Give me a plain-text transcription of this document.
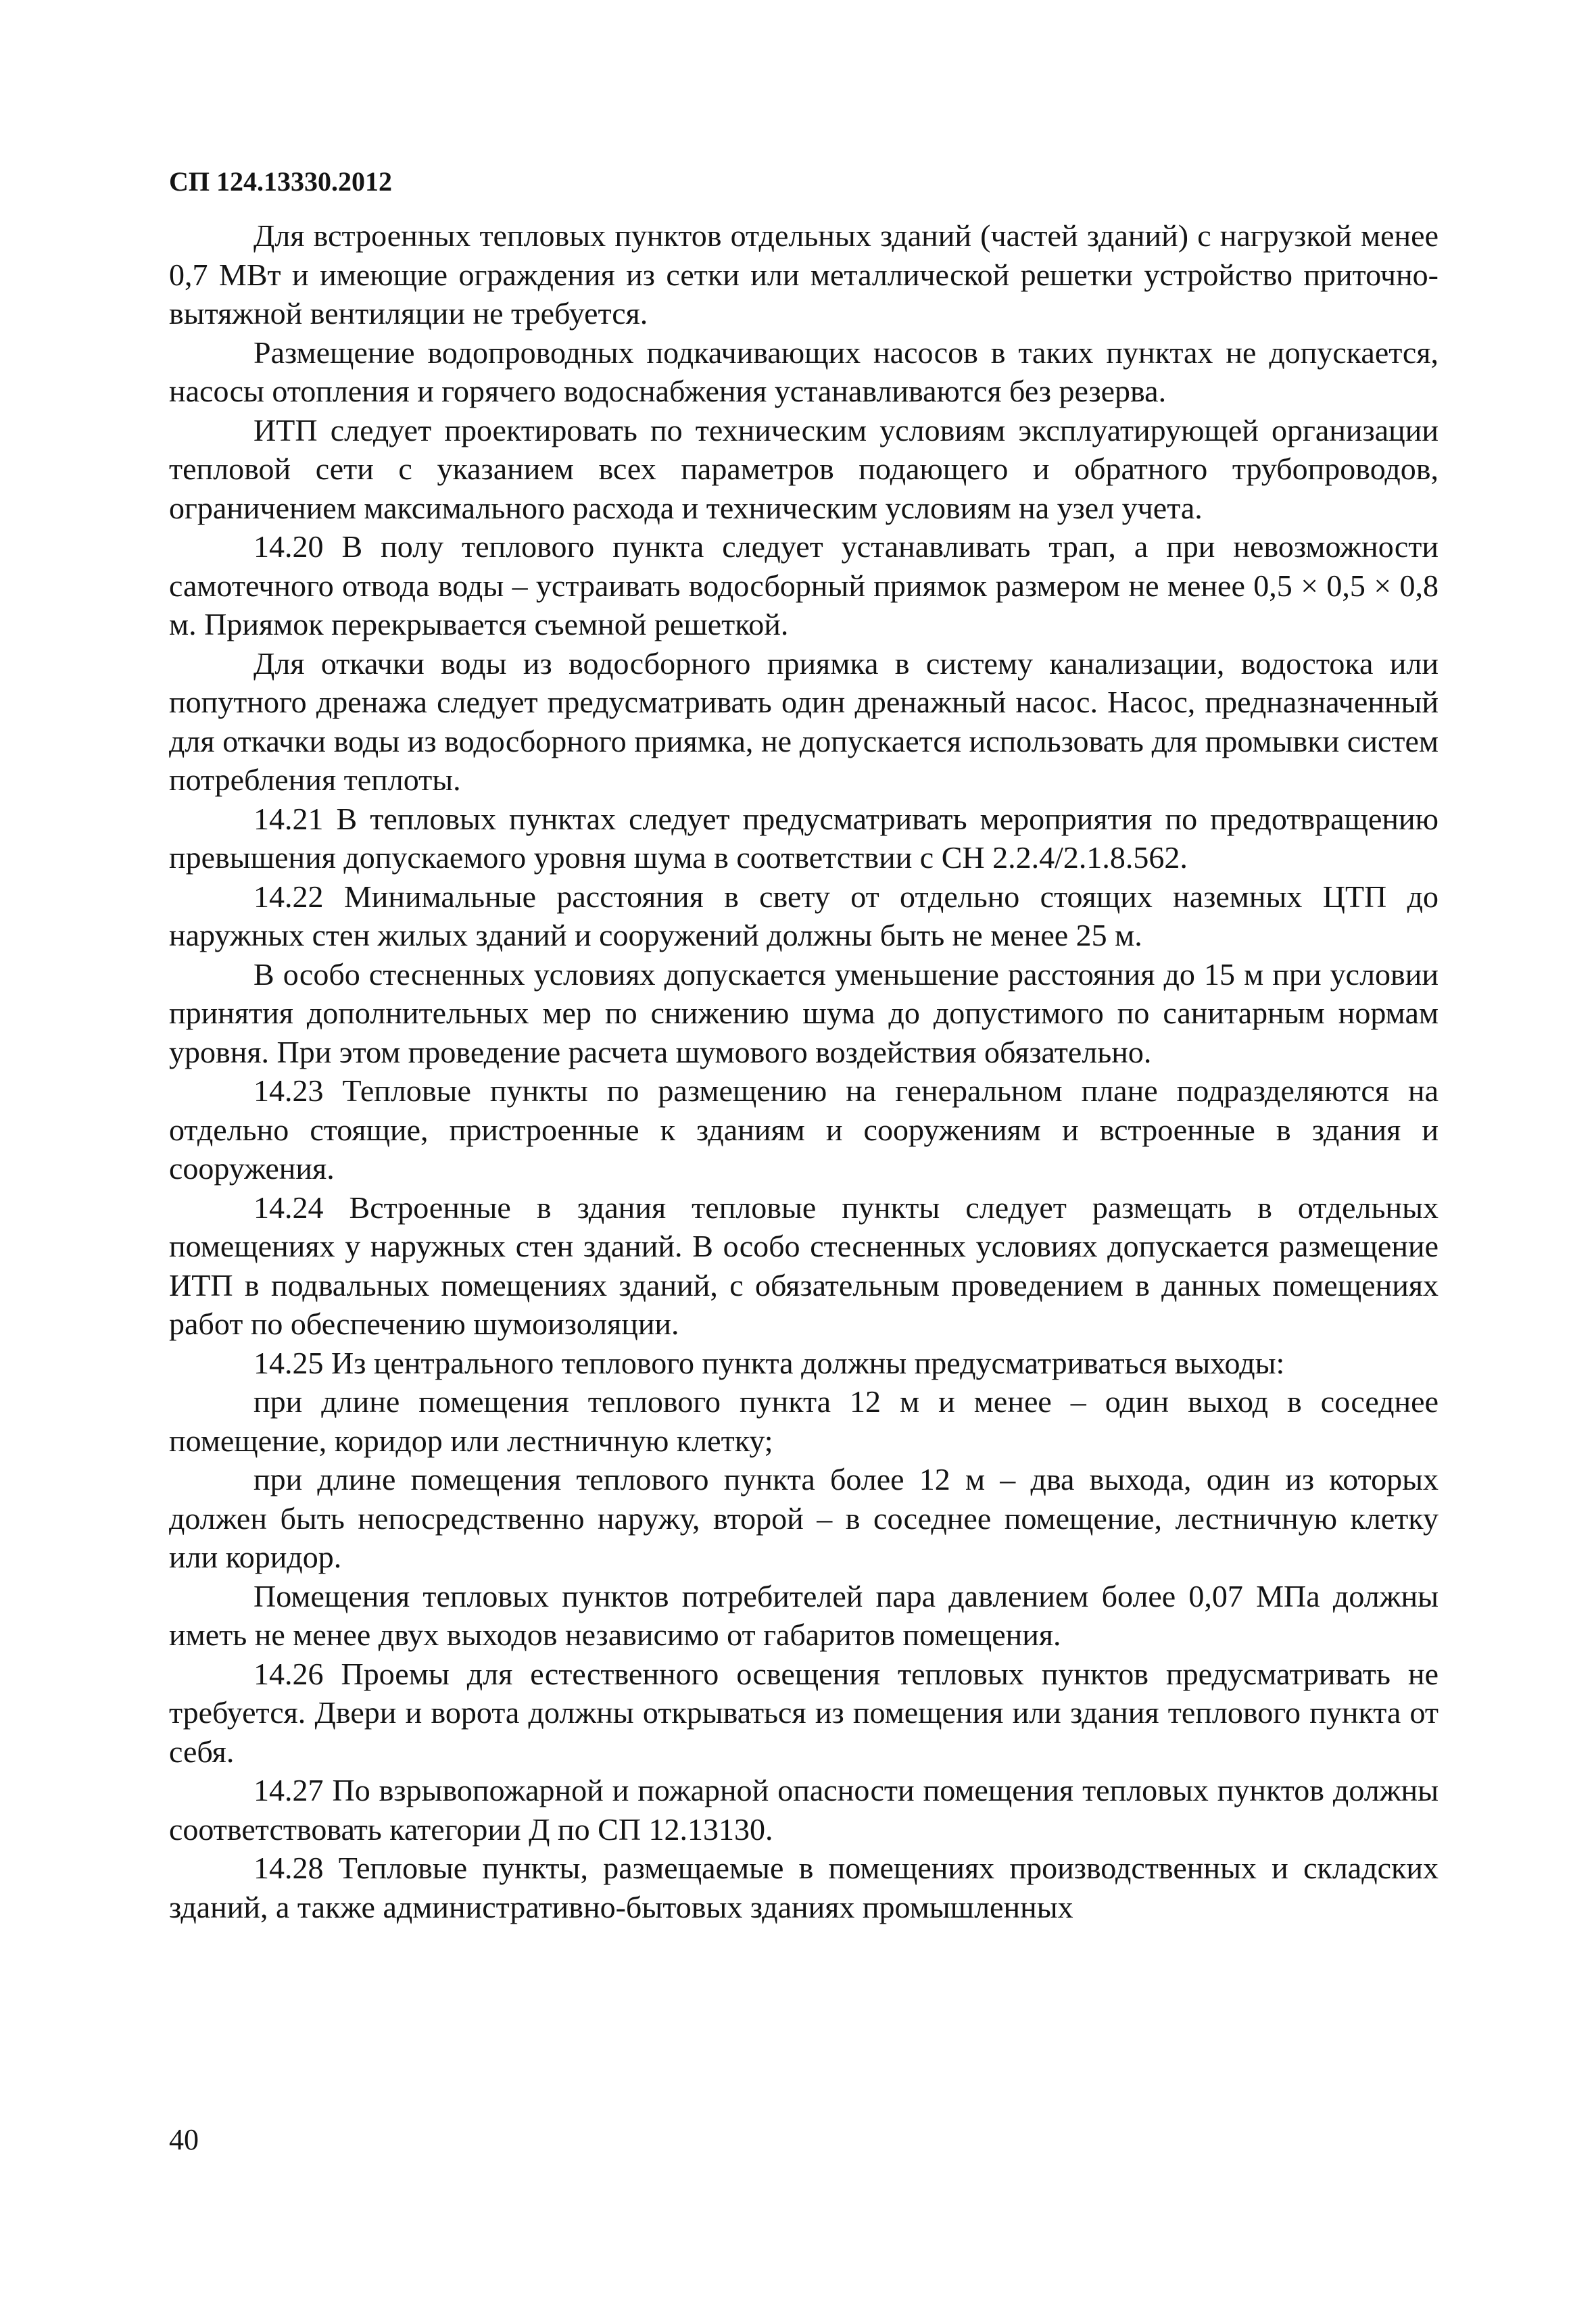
СП 124.13330.2012

Для встроенных тепловых пунктов отдельных зданий (частей зданий) с нагрузкой менее 0,7 МВт и имеющие ограждения из сетки или металлической решетки устройство приточно-вытяжной вентиляции не требуется.

Размещение водопроводных подкачивающих насосов в таких пунктах не допускается, насосы отопления и горячего водоснабжения устанавливаются без резерва.

ИТП следует проектировать по техническим условиям эксплуатирующей организации тепловой сети с указанием всех параметров подающего и обратного трубопроводов, ограничением максимального расхода и техническим условиям на узел учета.

14.20 В полу теплового пункта следует устанавливать трап, а при невозможности самотечного отвода воды – устраивать водосборный приямок размером не менее 0,5 × 0,5 × 0,8 м. Приямок перекрывается съемной решеткой.

Для откачки воды из водосборного приямка в систему канализации, водостока или попутного дренажа следует предусматривать один дренажный насос. Насос, предназначенный для откачки воды из водосборного приямка, не допускается использовать для промывки систем потребления теплоты.

14.21 В тепловых пунктах следует предусматривать мероприятия по предотвращению превышения допускаемого уровня шума в соответствии с СН 2.2.4/2.1.8.562.

14.22 Минимальные расстояния в свету от отдельно стоящих наземных ЦТП до наружных стен жилых зданий и сооружений должны быть не менее 25 м.

В особо стесненных условиях допускается уменьшение расстояния до 15 м при условии принятия дополнительных мер по снижению шума до допустимого по санитарным нормам уровня. При этом проведение расчета шумового воздействия обязательно.

14.23 Тепловые пункты по размещению на генеральном плане подразделяются на отдельно стоящие, пристроенные к зданиям и сооружениям и встроенные в здания и сооружения.

14.24 Встроенные в здания тепловые пункты следует размещать в отдельных помещениях у наружных стен зданий. В особо стесненных условиях допускается размещение ИТП в подвальных помещениях зданий, с обязательным проведением в данных помещениях работ по обеспечению шумоизоляции.

14.25 Из центрального теплового пункта должны предусматриваться выходы:

при длине помещения теплового пункта 12 м и менее – один выход в соседнее помещение, коридор или лестничную клетку;

при длине помещения теплового пункта более 12 м – два выхода, один из которых должен быть непосредственно наружу, второй – в соседнее помещение, лестничную клетку или коридор.

Помещения тепловых пунктов потребителей пара давлением более 0,07 МПа должны иметь не менее двух выходов независимо от габаритов помещения.

14.26 Проемы для естественного освещения тепловых пунктов предусматривать не требуется. Двери и ворота должны открываться из помещения или здания теплового пункта от себя.

14.27 По взрывопожарной и пожарной опасности помещения тепловых пунктов должны соответствовать категории Д по СП 12.13130.

14.28 Тепловые пункты, размещаемые в помещениях производственных и складских зданий, а также административно-бытовых зданиях промышленных

40
